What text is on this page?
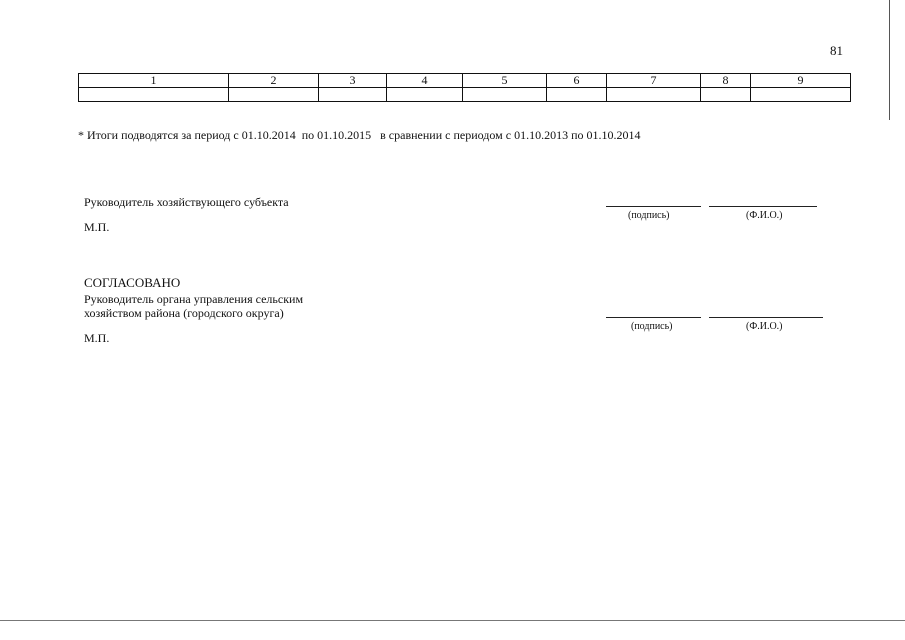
81
1	2	3	4	5	6	7	8	9

* Итоги подводятся за период с 01.10.2014  по 01.10.2015   в сравнении с периодом с 01.10.2013 по 01.10.2014
Руководитель хозяйствующего субъекта
М.П.
(подпись)	(Ф.И.О.)
СОГЛАСОВАНО
Руководитель органа управления сельским
хозяйством района (городского округа)
М.П.
(подпись)	(Ф.И.О.)
